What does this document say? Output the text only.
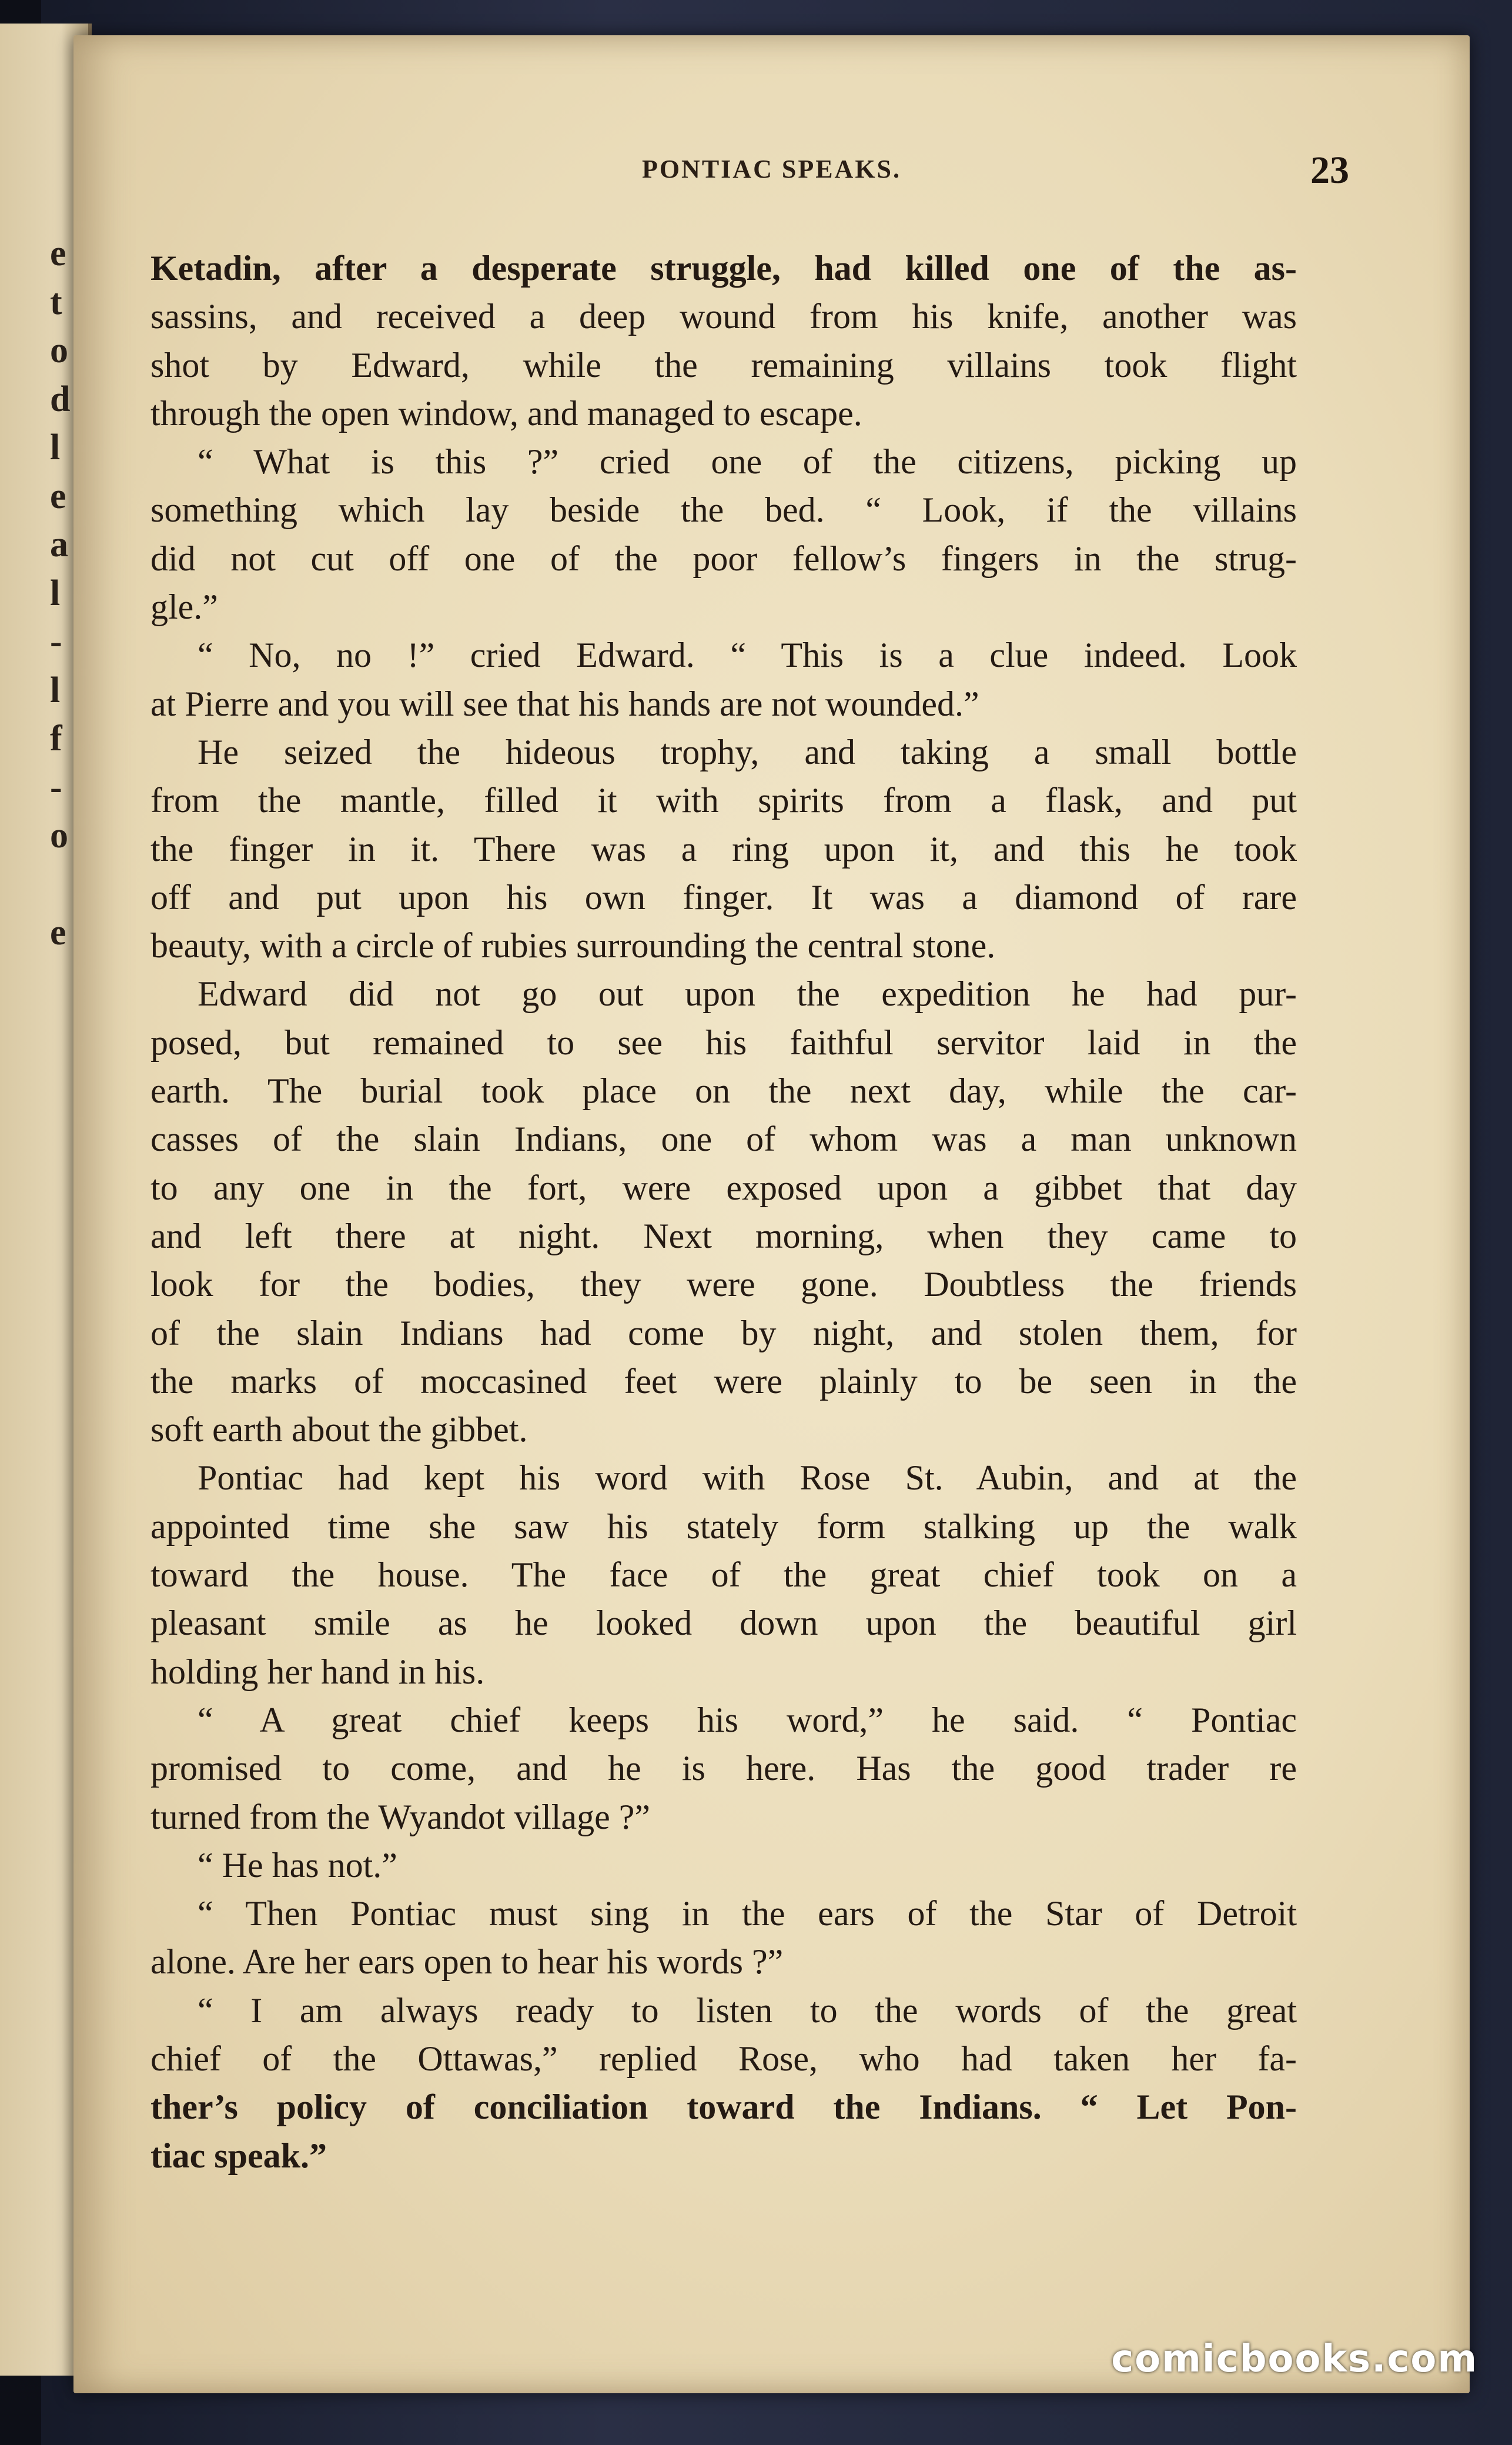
e
t
o
d
l
e
a
l
-
l
f
-
o
e
PONTIAC SPEAKS.	23
Ketadin, after a desperate struggle, had killed one of the as-
sassins, and received a deep wound from his knife, another was
shot by Edward, while the remaining villains took flight
through the open window, and managed to escape.
“ What is this ?” cried one of the citizens, picking up
something which lay beside the bed. “ Look, if the villains
did not cut off one of the poor fellow’s fingers in the strug-
gle.”
“ No, no !” cried Edward. “ This is a clue indeed. Look
at Pierre and you will see that his hands are not wounded.”
He seized the hideous trophy, and taking a small bottle
from the mantle, filled it with spirits from a flask, and put
the finger in it. There was a ring upon it, and this he took
off and put upon his own finger. It was a diamond of rare
beauty, with a circle of rubies surrounding the central stone.
Edward did not go out upon the expedition he had pur-
posed, but remained to see his faithful servitor laid in the
earth. The burial took place on the next day, while the car-
casses of the slain Indians, one of whom was a man unknown
to any one in the fort, were exposed upon a gibbet that day
and left there at night. Next morning, when they came to
look for the bodies, they were gone. Doubtless the friends
of the slain Indians had come by night, and stolen them, for
the marks of moccasined feet were plainly to be seen in the
soft earth about the gibbet.
Pontiac had kept his word with Rose St. Aubin, and at the
appointed time she saw his stately form stalking up the walk
toward the house. The face of the great chief took on a
pleasant smile as he looked down upon the beautiful girl
holding her hand in his.
“ A great chief keeps his word,” he said. “ Pontiac
promised to come, and he is here. Has the good trader re
turned from the Wyandot village ?”
“ He has not.”
“ Then Pontiac must sing in the ears of the Star of Detroit
alone. Are her ears open to hear his words ?”
“ I am always ready to listen to the words of the great
chief of the Ottawas,” replied Rose, who had taken her fa-
ther’s policy of conciliation toward the Indians. “ Let Pon-
tiac speak.”
comicbooks.com
